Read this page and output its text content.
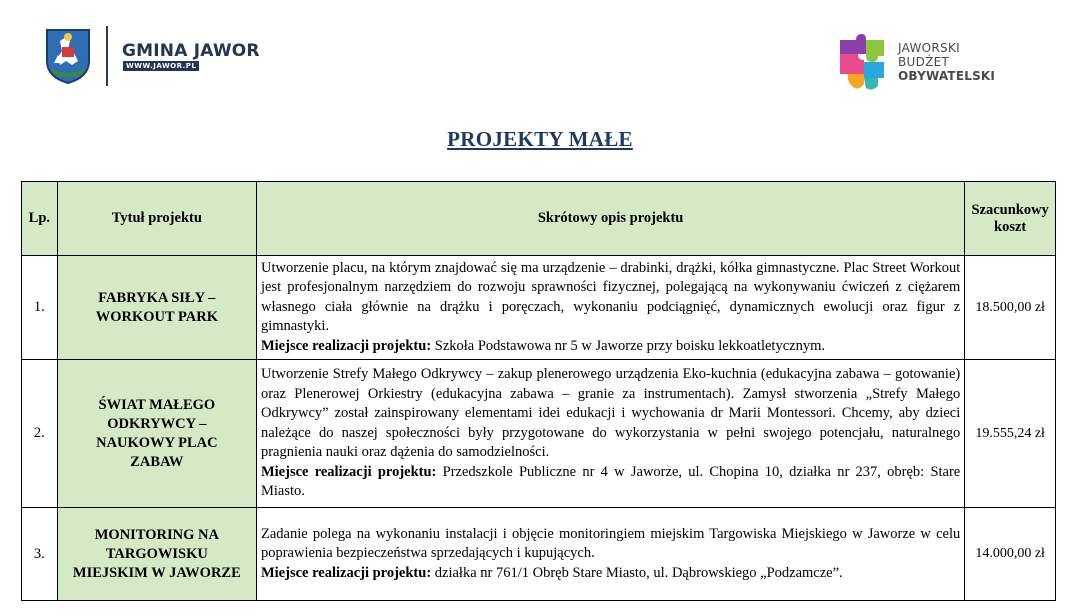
GMINA JAWOR
WWW.JAWOR.PL
JAWORSKI
BUDŻET
OBYWATELSKI
PROJEKTY MAŁE
Lp.	Tytuł projektu	Skrótowy opis projektu	Szacunkowy koszt
1.	FABRYKA SIŁY – WORKOUT PARK	Utworzenie placu, na którym znajdować się ma urządzenie – drabinki, drążki, kółka gimnastyczne. Plac Street Workout jest profesjonalnym narzędziem do rozwoju sprawności fizycznej, polegającą na wykonywaniu ćwiczeń z ciężarem własnego ciała głównie na drążku i poręczach, wykonaniu podciągnięć, dynamicznych ewolucji oraz figur z gimnastyki.
Miejsce realizacji projektu: Szkoła Podstawowa nr 5 w Jaworze przy boisku lekkoatletycznym.	18.500,00 zł
2.	ŚWIAT MAŁEGO ODKRYWCY – NAUKOWY PLAC ZABAW	Utworzenie Strefy Małego Odkrywcy – zakup plenerowego urządzenia Eko-kuchnia (edukacyjna zabawa – gotowanie) oraz Plenerowej Orkiestry (edukacyjna zabawa – granie za instrumentach). Zamysł stworzenia „Strefy Małego Odkrywcy” został zainspirowany elementami idei edukacji i wychowania dr Marii Montessori. Chcemy, aby dzieci należące do naszej społeczności były przygotowane do wykorzystania w pełni swojego potencjału, naturalnego pragnienia nauki oraz dążenia do samodzielności.
Miejsce realizacji projektu: Przedszkole Publiczne nr 4 w Jaworze, ul. Chopina 10, działka nr 237, obręb: Stare Miasto.	19.555,24 zł
3.	MONITORING NA TARGOWISKU MIEJSKIM W JAWORZE	Zadanie polega na wykonaniu instalacji i objęcie monitoringiem miejskim Targowiska Miejskiego w Jaworze w celu poprawienia bezpieczeństwa sprzedających i kupujących.
Miejsce realizacji projektu: działka nr 761/1 Obręb Stare Miasto, ul. Dąbrowskiego „Podzamcze”.	14.000,00 zł
